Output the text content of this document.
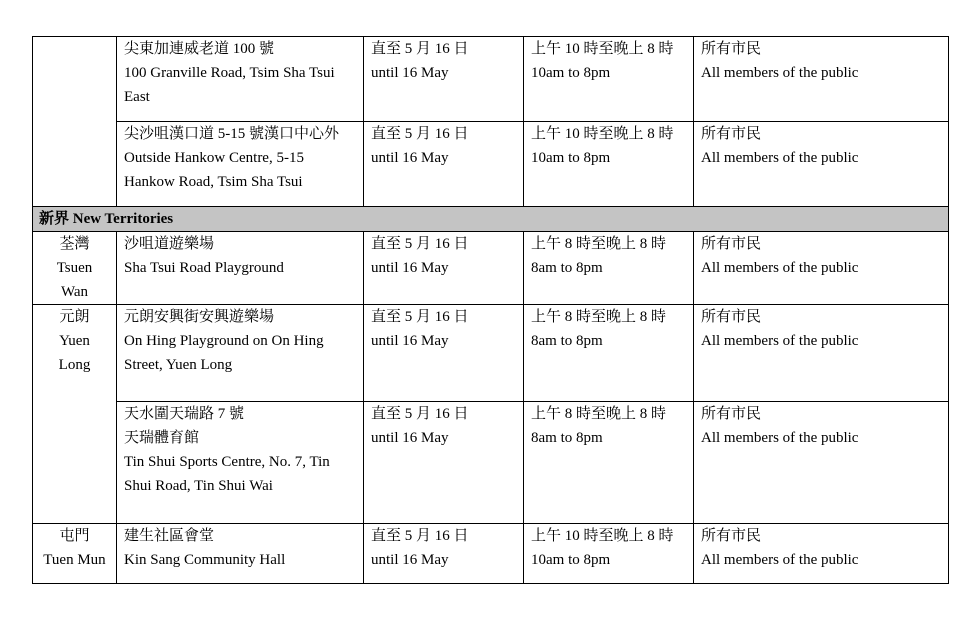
	尖東加連威老道 100 號
100 Granville Road, Tsim Sha Tsui
East	直至 5 月 16 日
until 16 May	上午 10 時至晚上 8 時
10am to 8pm	所有市民
All members of the public

	尖沙咀漢口道 5-15 號漢口中心外
Outside Hankow Centre, 5-15
Hankow Road, Tsim Sha Tsui	直至 5 月 16 日
until 16 May	上午 10 時至晚上 8 時
10am to 8pm	所有市民
All members of the public

新界 New Territories				

荃灣
Tsuen
Wan	沙咀道遊樂場
Sha Tsui Road Playground	直至 5 月 16 日
until 16 May	上午 8 時至晚上 8 時
8am to 8pm	所有市民
All members of the public

元朗
Yuen
Long	元朗安興街安興遊樂場
On Hing Playground on On Hing
Street, Yuen Long	直至 5 月 16 日
until 16 May	上午 8 時至晚上 8 時
8am to 8pm	所有市民
All members of the public

	天水圍天瑞路 7 號
天瑞體育館
Tin Shui Sports Centre, No. 7, Tin
Shui Road, Tin Shui Wai	直至 5 月 16 日
until 16 May	上午 8 時至晚上 8 時
8am to 8pm	所有市民
All members of the public

屯門
Tuen Mun	建生社區會堂
Kin Sang Community Hall	直至 5 月 16 日
until 16 May	上午 10 時至晚上 8 時
10am to 8pm	所有市民
All members of the public
